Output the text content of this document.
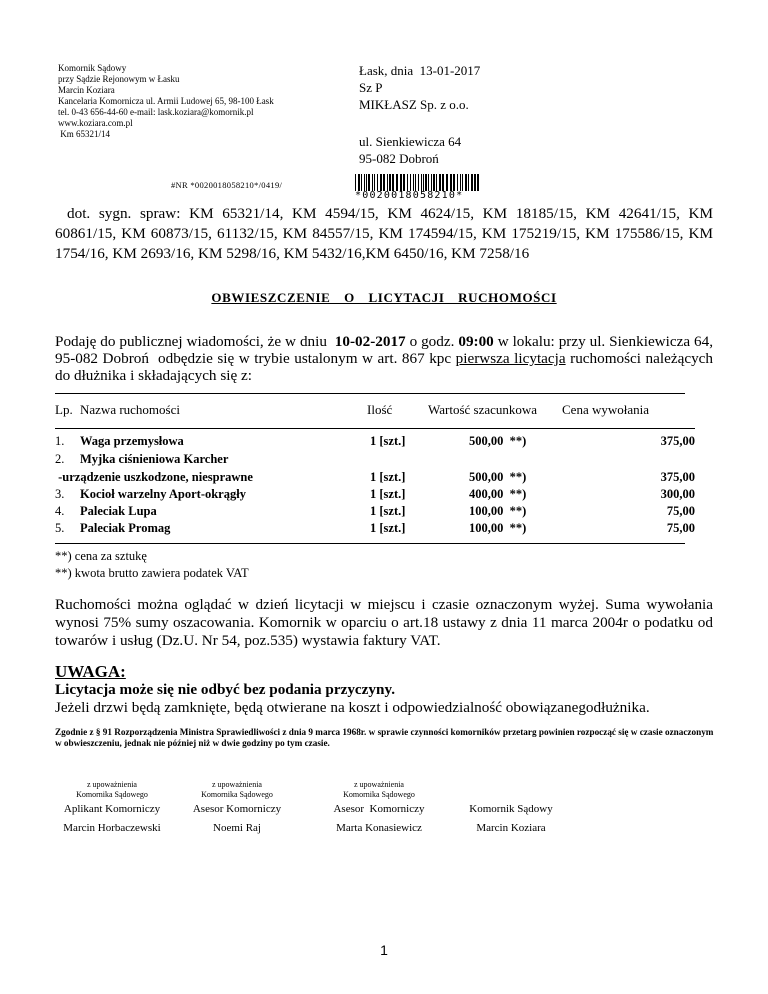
Komornik Sądowy
przy Sądzie Rejonowym w Łasku
Marcin Koziara
Kancelaria Komornicza ul. Armii Ludowej 65, 98-100 Łask
tel. 0-43 656-44-60 e-mail: lask.koziara@komornik.pl
www.koziara.com.pl
Km 65321/14
Łask, dnia  13-01-2017
Sz P
MIKŁASZ Sp. z o.o.
ul. Sienkiewicza 64
95-082 Dobroń
#NR *0020018058210*/0419/
*0020018058210*
dot. sygn. spraw: KM 65321/14, KM 4594/15, KM 4624/15, KM 18185/15, KM 42641/15, KM 60861/15, KM 60873/15, 61132/15, KM 84557/15, KM 174594/15, KM 175219/15, KM 175586/15, KM 1754/16, KM 2693/16, KM 5298/16, KM 5432/16,KM 6450/16, KM 7258/16
OBWIESZCZENIE  O  LICYTACJI  RUCHOMOŚCI
Podaję do publicznej wiadomości, że w dniu  10-02-2017 o godz. 09:00 w lokalu: przy ul. Sienkiewicza 64,  95-082 Dobroń  odbędzie się w trybie ustalonym w art. 867 kpc pierwsza licytacja ruchomości należących do dłużnika i składających się z:
Lp. Nazwa ruchomości	Ilość	Wartość szacunkowa Cena wywołania
1. Waga przemysłowa	1 [szt.]	500,00  **)	375,00
2. Myjka ciśnieniowa Karcher
-urządzenie uszkodzone, niesprawne	1 [szt.]	500,00  **)	375,00
3. Kocioł warzelny Aport-okrągły	1 [szt.]	400,00  **)	300,00
4. Paleciak Lupa	1 [szt.]	100,00  **)	75,00
5. Paleciak Promag	1 [szt.]	100,00  **)	75,00
**) cena za sztukę
**) kwota brutto zawiera podatek VAT
Ruchomości można oglądać w dzień licytacji w miejscu i czasie oznaczonym wyżej. Suma wywołania wynosi 75% sumy oszacowania. Komornik w oparciu o art.18 ustawy z dnia 11 marca 2004r o podatku od towarów i usług (Dz.U. Nr 54, poz.535) wystawia faktury VAT.
UWAGA:
Licytacja może się nie odbyć bez podania przyczyny.
Jeżeli drzwi będą zamknięte, będą otwierane na koszt i odpowiedzialność obowiązanegodłużnika.
Zgodnie z § 91 Rozporządzenia Ministra Sprawiedliwości z dnia 9 marca 1968r. w sprawie czynności komorników przetarg powinien rozpocząć się w czasie oznaczonym w obwieszczeniu, jednak nie później niż w dwie godziny po tym czasie.
z upoważnienia
Komornika Sądowego
z upoważnienia
Komornika Sądowego
z upoważnienia
Komornika Sądowego
Aplikant Komorniczy	Asesor Komorniczy	Asesor  Komorniczy	Komornik Sądowy
Marcin Horbaczewski	Noemi Raj	Marta Konasiewicz	Marcin Koziara
1
